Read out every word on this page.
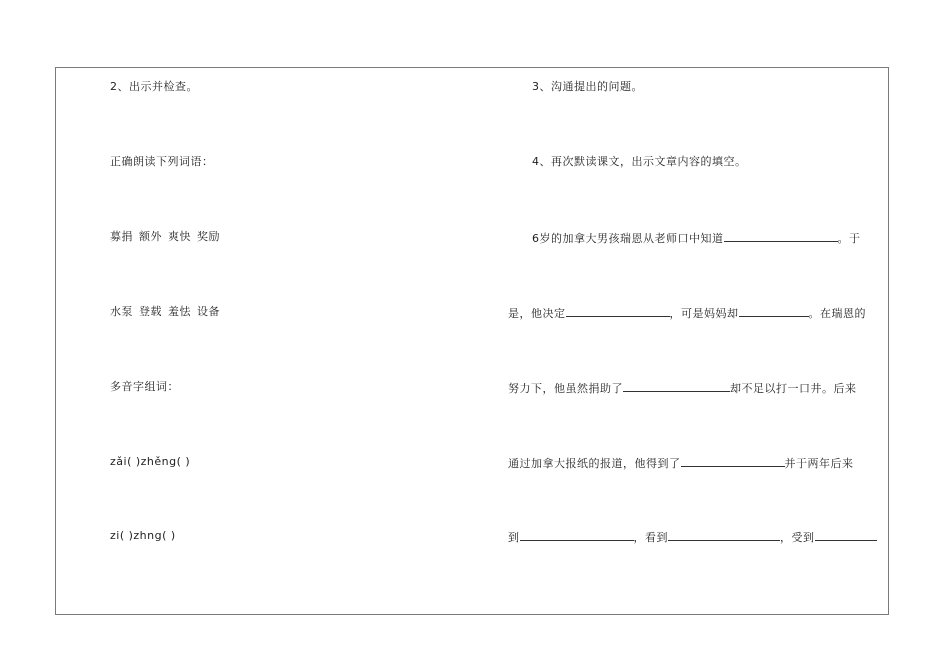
2、出示并检查。
正确朗读下列词语：
募捐 额外 爽快 奖励
水泵 登载 羞怯 设备
多音字组词：
zǎi( )zhěng( )
zi( )zhng( )
3、沟通提出的问题。
4、再次默读课文，出示文章内容的填空。
6岁的加拿大男孩瑞恩从老师口中知道	。于
是，他决定	，可是妈妈却	。在瑞恩的
努力下，他虽然捐助了	却不足以打一口井。后来
通过加拿大报纸的报道，他得到了	并于两年后来
到	，看到	，受到
